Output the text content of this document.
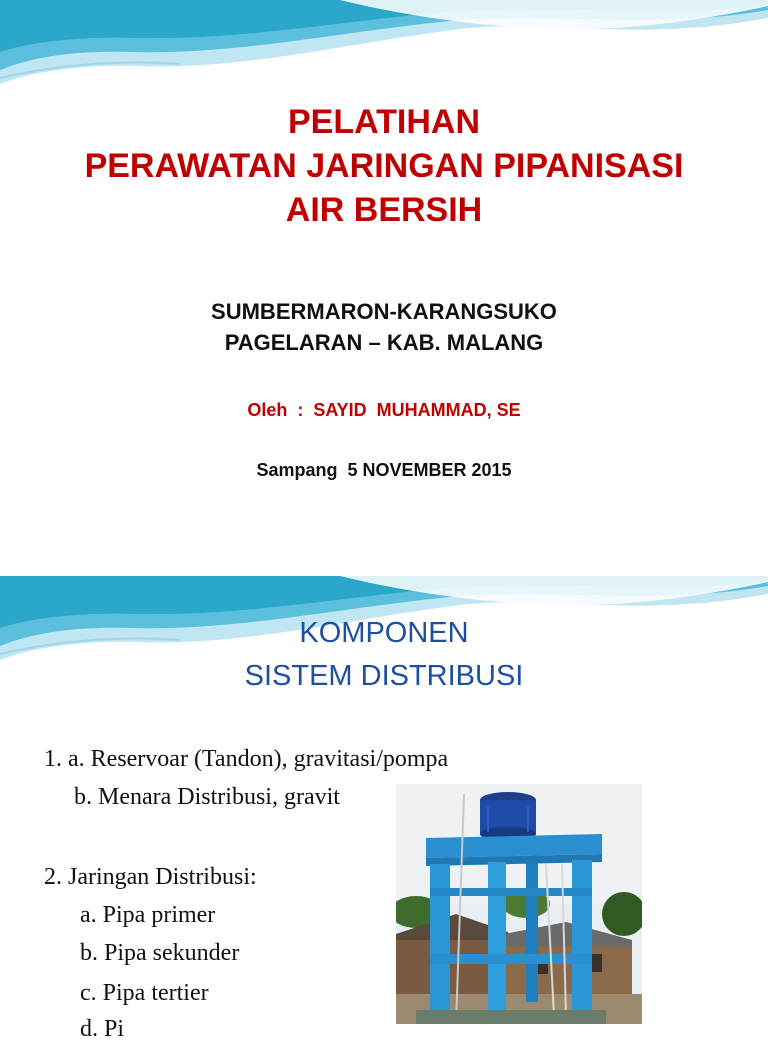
PELATIHAN
PERAWATAN JARINGAN PIPANISASI
AIR BERSIH
SUMBERMARON-KARANGSUKO
PAGELARAN – KAB. MALANG
Oleh  :  SAYID  MUHAMMAD, SE
Sampang  5 NOVEMBER 2015
KOMPONEN
SISTEM DISTRIBUSI
1. a. Reservoar (Tandon), gravitasi/pompa
b. Menara Distribusi, gravit
2. Jaringan Distribusi:
a. Pipa primer
b. Pipa sekunder
c. Pipa tertier
d. Pi
